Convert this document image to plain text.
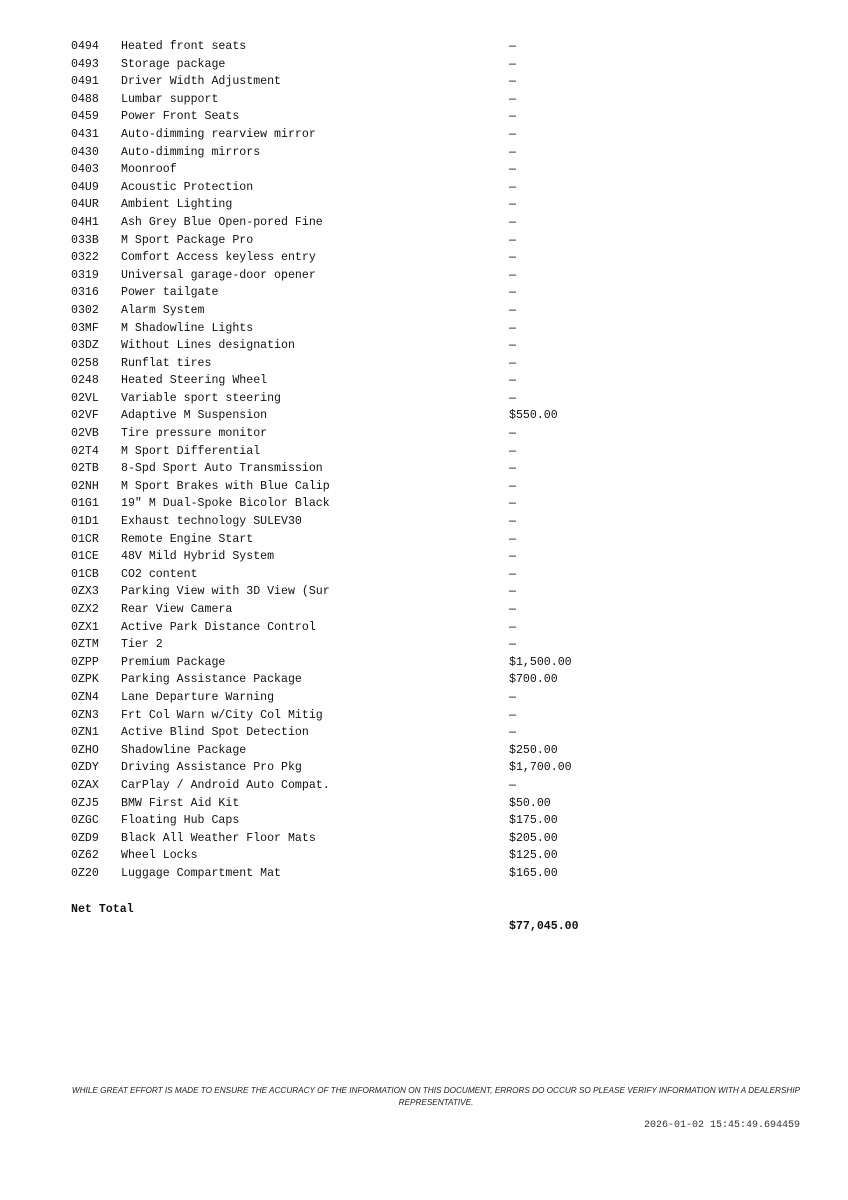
0494 Heated front seats	—
0493 Storage package	—
0491 Driver Width Adjustment	—
0488 Lumbar support	—
0459 Power Front Seats	—
0431 Auto-dimming rearview mirror	—
0430 Auto-dimming mirrors	—
0403 Moonroof	—
04U9 Acoustic Protection	—
04UR Ambient Lighting	—
04H1 Ash Grey Blue Open-pored Fine	—
033B M Sport Package Pro	—
0322 Comfort Access keyless entry	—
0319 Universal garage-door opener	—
0316 Power tailgate	—
0302 Alarm System	—
03MF M Shadowline Lights	—
03DZ Without Lines designation	—
0258 Runflat tires	—
0248 Heated Steering Wheel	—
02VL Variable sport steering	—
02VF Adaptive M Suspension	$550.00
02VB Tire pressure monitor	—
02T4 M Sport Differential	—
02TB 8-Spd Sport Auto Transmission	—
02NH M Sport Brakes with Blue Calip	—
01G1 19" M Dual-Spoke Bicolor Black	—
01D1 Exhaust technology SULEV30	—
01CR Remote Engine Start	—
01CE 48V Mild Hybrid System	—
01CB CO2 content	—
0ZX3 Parking View with 3D View (Sur	—
0ZX2 Rear View Camera	—
0ZX1 Active Park Distance Control	—
0ZTM Tier 2	—
0ZPP Premium Package	$1,500.00
0ZPK Parking Assistance Package	$700.00
0ZN4 Lane Departure Warning	—
0ZN3 Frt Col Warn w/City Col Mitig	—
0ZN1 Active Blind Spot Detection	—
0ZHO Shadowline Package	$250.00
0ZDY Driving Assistance Pro Pkg	$1,700.00
0ZAX CarPlay / Android Auto Compat.	—
0ZJ5 BMW First Aid Kit	$50.00
0ZGC Floating Hub Caps	$175.00
0ZD9 Black All Weather Floor Mats	$205.00
0Z62 Wheel Locks	$125.00
0Z20 Luggage Compartment Mat	$165.00

Net Total

$77,045.00

WHILE GREAT EFFORT IS MADE TO ENSURE THE ACCURACY OF THE INFORMATION ON THIS DOCUMENT, ERRORS DO OCCUR SO PLEASE VERIFY INFORMATION WITH A DEALERSHIP REPRESENTATIVE.
2026-01-02 15:45:49.694459
